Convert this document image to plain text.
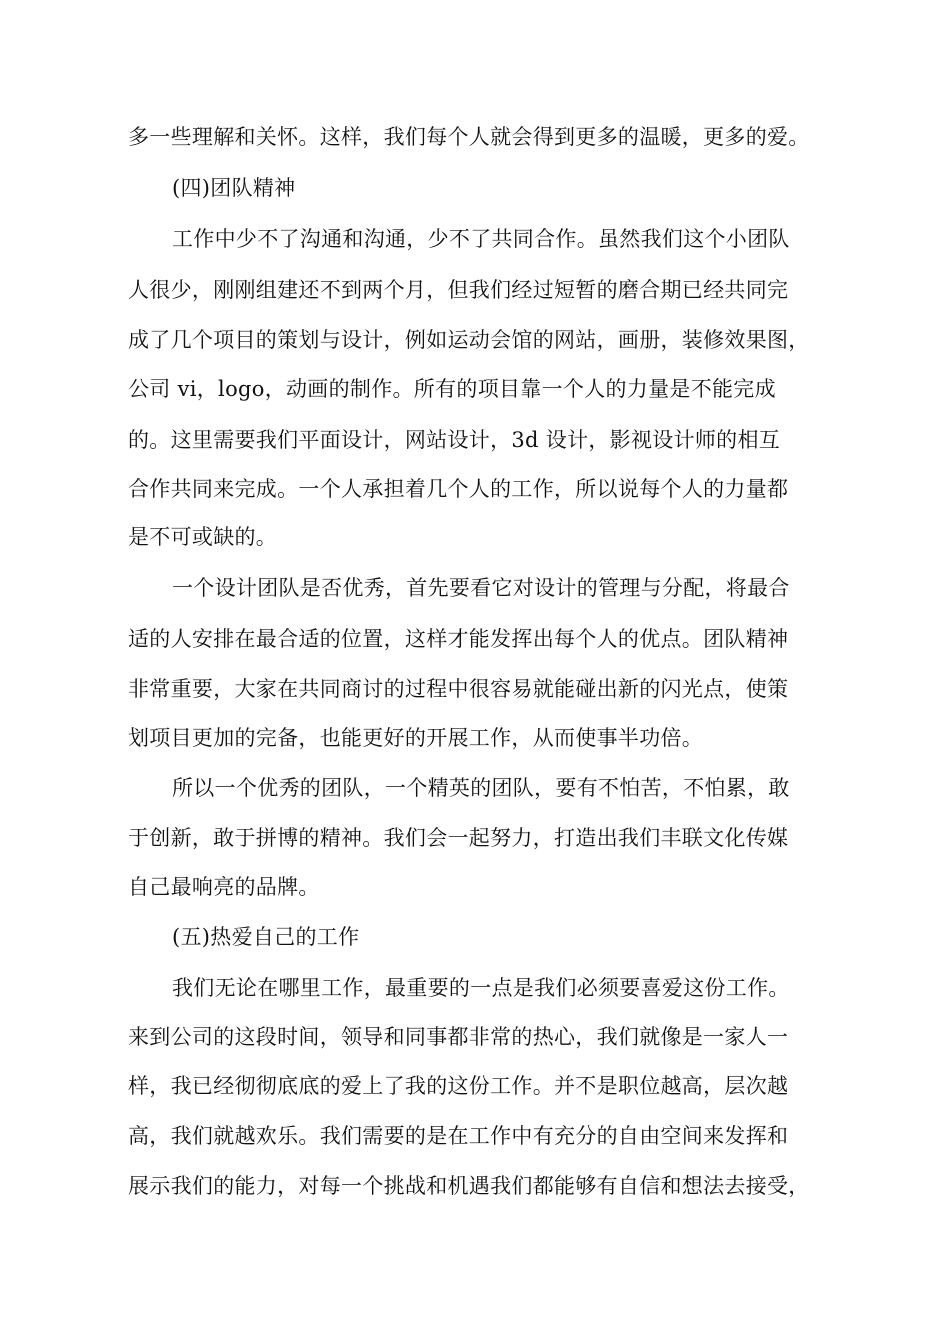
多一些理解和关怀。这样，我们每个人就会得到更多的温暖，更多的爱。

(四)团队精神

工作中少不了沟通和沟通，少不了共同合作。虽然我们这个小团队

人很少，刚刚组建还不到两个月，但我们经过短暂的磨合期已经共同完

成了几个项目的策划与设计，例如运动会馆的网站，画册，装修效果图，

公司 vi，logo，动画的制作。所有的项目靠一个人的力量是不能完成

的。这里需要我们平面设计，网站设计，3d 设计，影视设计师的相互

合作共同来完成。一个人承担着几个人的工作，所以说每个人的力量都

是不可或缺的。

一个设计团队是否优秀，首先要看它对设计的管理与分配，将最合

适的人安排在最合适的位置，这样才能发挥出每个人的优点。团队精神

非常重要，大家在共同商讨的过程中很容易就能碰出新的闪光点，使策

划项目更加的完备，也能更好的开展工作，从而使事半功倍。

所以一个优秀的团队，一个精英的团队，要有不怕苦，不怕累，敢

于创新，敢于拼博的精神。我们会一起努力，打造出我们丰联文化传媒

自己最响亮的品牌。

(五)热爱自己的工作

我们无论在哪里工作，最重要的一点是我们必须要喜爱这份工作。

来到公司的这段时间，领导和同事都非常的热心，我们就像是一家人一

样，我已经彻彻底底的爱上了我的这份工作。并不是职位越高，层次越

高，我们就越欢乐。我们需要的是在工作中有充分的自由空间来发挥和

展示我们的能力，对每一个挑战和机遇我们都能够有自信和想法去接受，
